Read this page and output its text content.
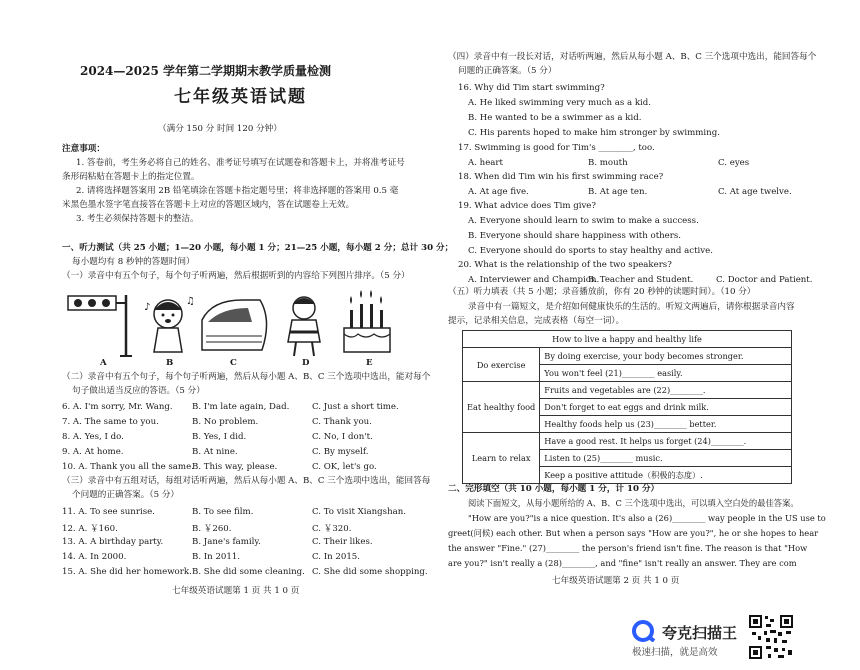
2024—2025 学年第二学期期末教学质量检测
七年级英语试题
（满分 150 分 时间 120 分钟）
注意事项：
1. 答卷前，考生务必将自己的姓名、准考证号填写在试题卷和答题卡上，并将准考证号
条形码粘贴在答题卡上的指定位置。
2. 请将选择题答案用 2B 铅笔填涂在答题卡指定题号里；将非选择题的答案用 0.5 毫
米黑色墨水签字笔直接答在答题卡上对应的答题区域内，答在试题卷上无效。
3. 考生必须保持答题卡的整洁。
一、听力测试（共 25 小题；1—20 小题，每小题 1 分；21—25 小题，每小题 2 分；总计 30 分；
每小题均有 8 秒钟的答题时间）
（一）录音中有五个句子，每个句子听两遍，然后根据听到的内容给下列图片排序。（5 分）
♪
♫
A	B	C	D	E
（二）录音中有五个句子，每个句子听两遍，然后从每小题 A、B、C 三个选项中选出，能对每个
句子做出适当反应的答语。（5 分）
6. A. I'm sorry, Mr. Wang. B. I'm late again, Dad.	C. Just a short time.
7. A. The same to you.	B. No problem.	C. Thank you.
8. A. Yes, I do.	B. Yes, I did.	C. No, I don't.
9. A. At home.	B. At nine.	C. By myself.
10. A. Thank you all the same.
B. This way, please.	C. OK, let's go.
（三）录音中有五组对话，每组对话听两遍，然后从每小题 A、B、C 三个选项中选出，能回答每
个问题的正确答案。（5 分）
11. A. To see sunrise.	B. To see film.	C. To visit Xiangshan.
12. A. ￥160.	B. ￥260.	C. ￥320.
13. A. A birthday party.	B. Jane's family.	C. Their likes.
14. A. In 2000.	B. In 2011.	C. In 2015.
15. A. She did her homework. B. She did some cleaning. C. She did some shopping.
七年级英语试题第 1 页 共 1 0 页
（四）录音中有一段长对话，对话听两遍，然后从每小题 A、B、C 三个选项中选出，能回答每个
问题的正确答案。（5 分）
16. Why did Tim start swimming?
A. He liked swimming very much as a kid.
B. He wanted to be a swimmer as a kid.
C. His parents hoped to make him stronger by swimming.
17. Swimming is good for Tim's ________, too.
A. heart	B. mouth	C. eyes
18. When did Tim win his first swimming race?
A. At age five.	B. At age ten.	C. At age twelve.
19. What advice does Tim give?
A. Everyone should learn to swim to make a success.
B. Everyone should share happiness with others.
C. Everyone should do sports to stay healthy and active.
20. What is the relationship of the two speakers?
A. Interviewer and Champion.
B. Teacher and Student.	C. Doctor and Patient.
（五）听力填表（共 5 小题；录音播放前，你有 20 秒钟的读题时间）。（10 分）
录音中有一篇短文，是介绍如何健康快乐的生活的。听短文两遍后，请你根据录音内容
提示，记录相关信息，完成表格（每空一词）。
How to live a happy and healthy life	
Do exercise	By doing exercise, your body becomes stronger.
	You won't feel (21)________ easily.
Eat healthy food	Fruits and vegetables are (22)________.
	Don't forget to eat eggs and drink milk.
	Healthy foods help us (23)________ better.
Learn to relax	Have a good rest. It helps us forget (24)________.
	Listen to (25)________ music.
	Keep a positive attitude（积极的态度）.
二、完形填空（共 10 小题，每小题 1 分，计 10 分）
阅读下面短文，从每小题所给的 A、B、C 三个选项中选出，可以填入空白处的最佳答案。
"How are you?"is a nice question. It's also a (26)________ way people in the US use to
greet(问候) each other. But when a person says "How are you?", he or she hopes to hear
the answer "Fine." (27)________ the person's friend isn't fine. The reason is that "How
are you?" isn't really a (28)________, and "fine" isn't really an answer. They are com
七年级英语试题第 2 页 共 1 0 页
夸克扫描王
极速扫描，就是高效
